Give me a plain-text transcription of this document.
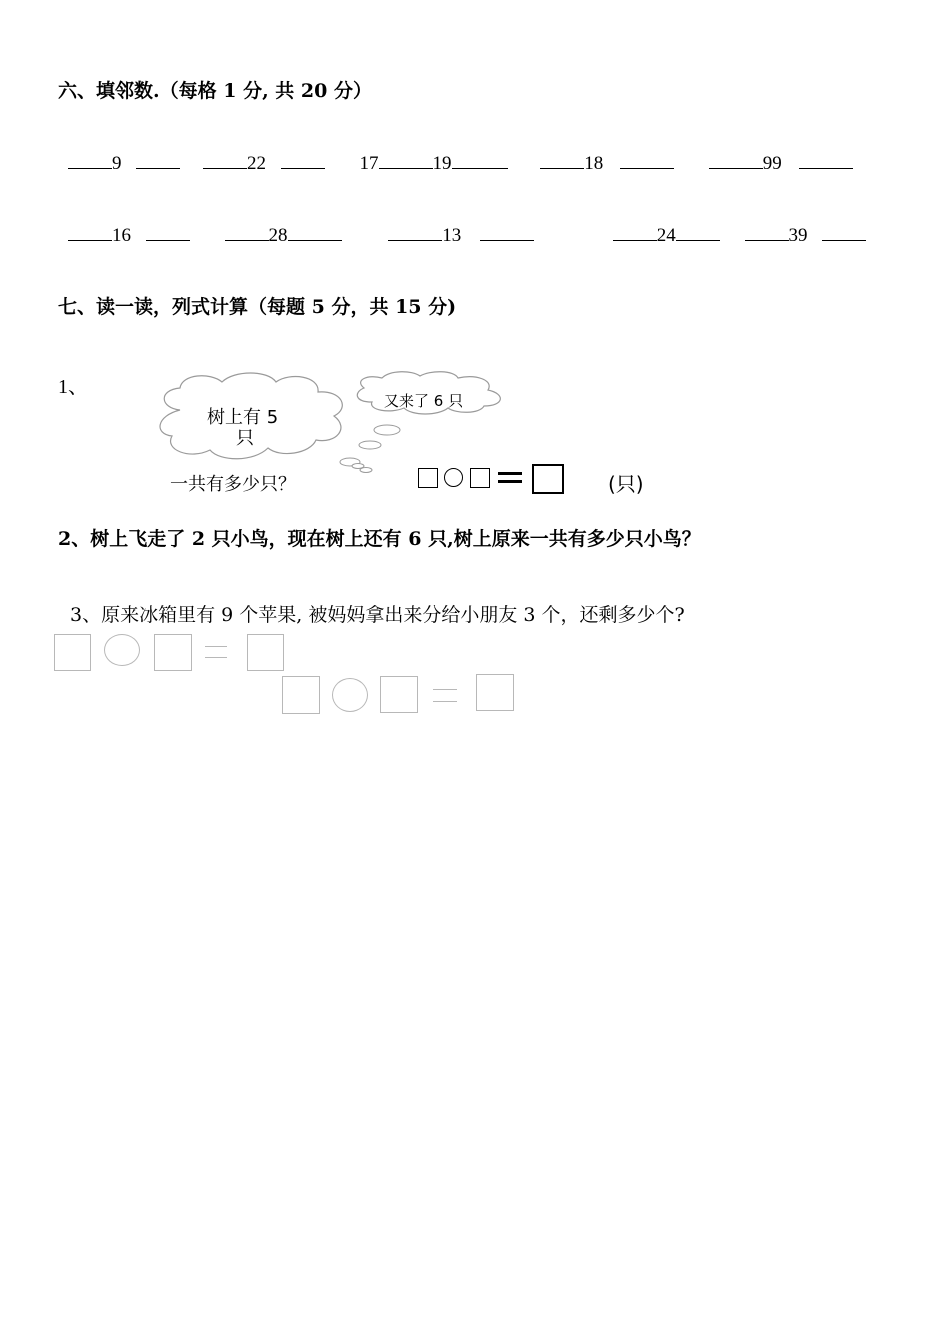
六、填邻数.（每格 1 分, 共 20 分）
9	22	17	19	18	99
16	28	13	24	39
七、读一读，列式计算（每题 5 分，共 15 分)
1、
树上有 5
只
又来了 6 只
一共有多少只？	(只)
2、树上飞走了 2 只小鸟，现在树上还有 6 只,树上原来一共有多少只小鸟？
3、原来冰箱里有 9 个苹果, 被妈妈拿出来分给小朋友 3 个，还剩多少个?
